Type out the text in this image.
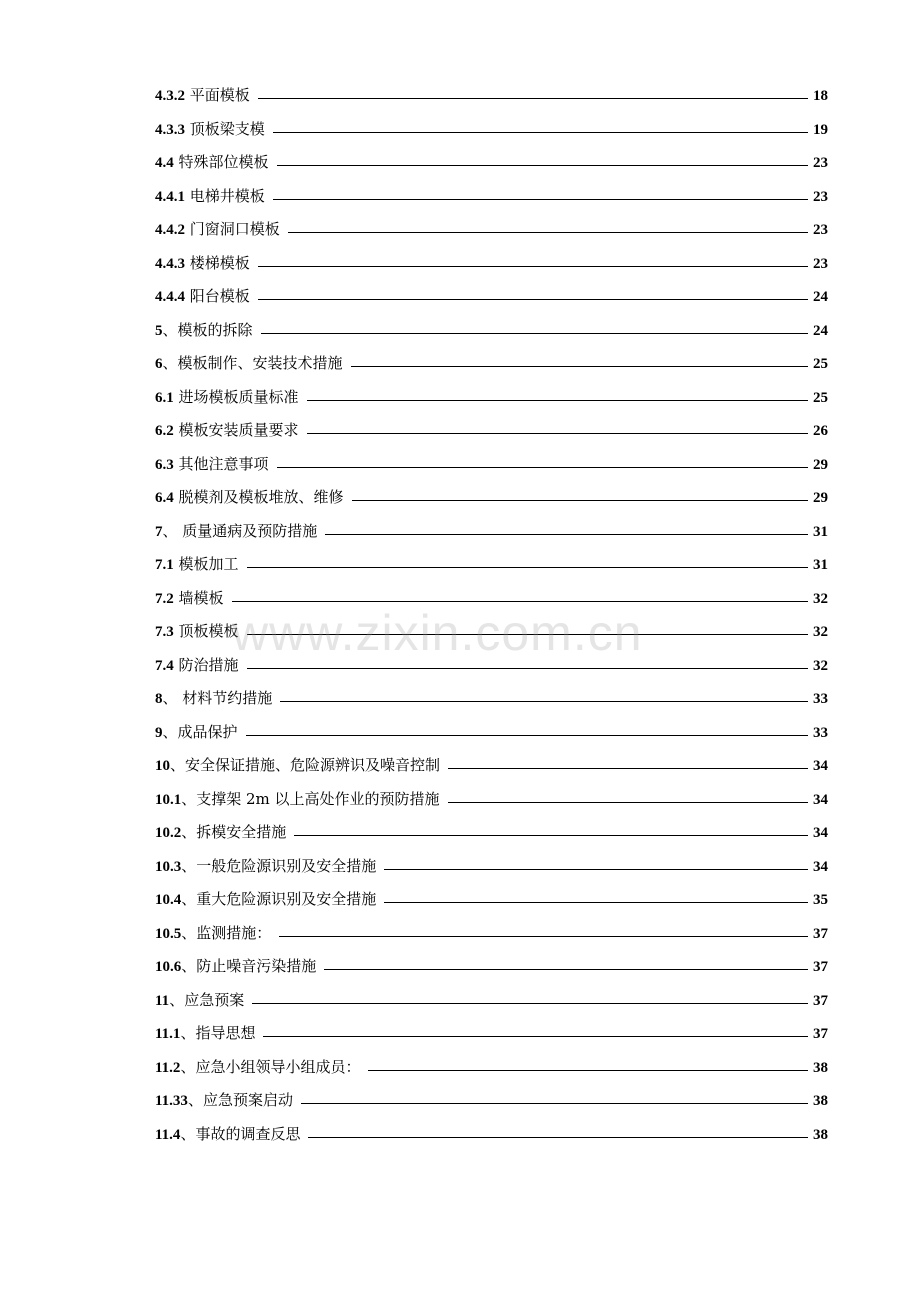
4.3.2 平面模板	18
4.3.3 顶板梁支模	19
4.4 特殊部位模板	23
4.4.1 电梯井模板	23
4.4.2 门窗洞口模板	23
4.4.3 楼梯模板	23
4.4.4 阳台模板	24
5、模板的拆除	24
6、模板制作、安装技术措施	25
6.1 进场模板质量标准	25
6.2 模板安装质量要求	26
6.3 其他注意事项	29
6.4 脱模剂及模板堆放、维修	29
7、 质量通病及预防措施	31
7.1 模板加工	31
7.2 墙模板	32
7.3 顶板模板	32
7.4 防治措施	32
8、 材料节约措施	33
9、成品保护	33
10、安全保证措施、危险源辨识及噪音控制	34
10.1、支撑架 2m 以上高处作业的预防措施	34
10.2、拆模安全措施	34
10.3、一般危险源识别及安全措施	34
10.4、重大危险源识别及安全措施	35
10.5、监测措施：	37
10.6、防止噪音污染措施	37
11、应急预案	37
11.1、指导思想	37
11.2、应急小组领导小组成员：	38
11.33、应急预案启动	38
11.4、事故的调查反思	38
www.zixin.com.cn
